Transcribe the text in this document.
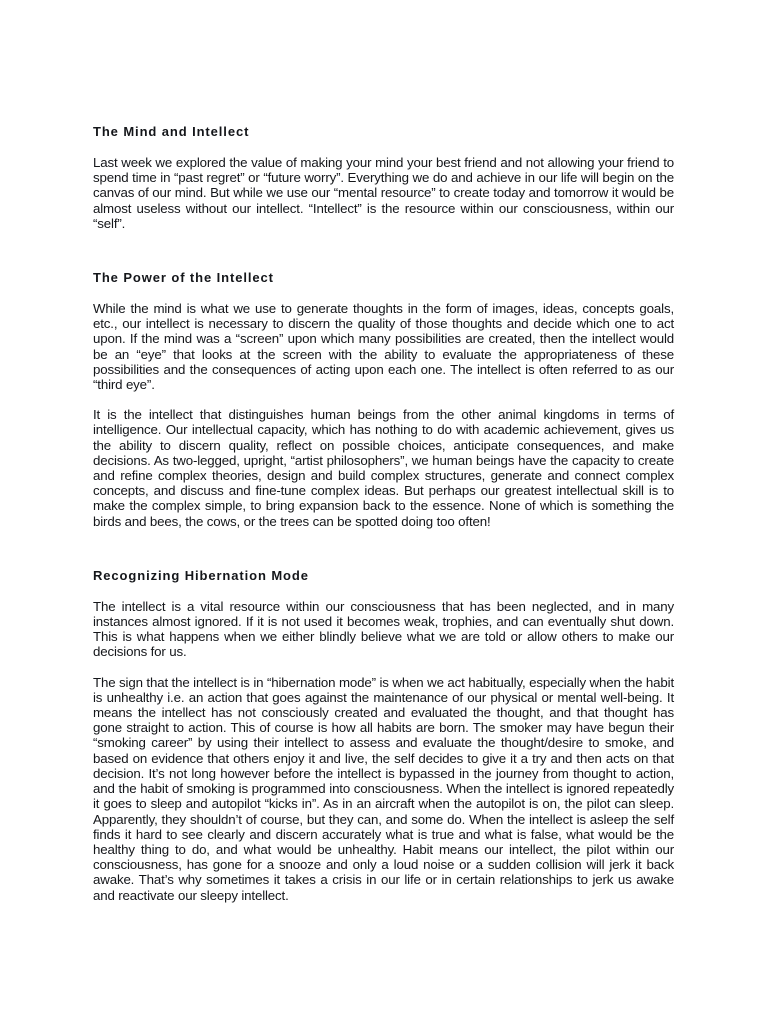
The Mind and Intellect

Last week we explored the value of making your mind your best friend and not allowing your friend to spend time in “past regret” or “future worry”. Everything we do and achieve in our life will begin on the canvas of our mind. But while we use our “mental resource” to create today and tomorrow it would be almost useless without our intellect. “Intellect” is the resource within our consciousness, within our “self”.

The Power of the Intellect

While the mind is what we use to generate thoughts in the form of images, ideas, concepts goals, etc., our intellect is necessary to discern the quality of those thoughts and decide which one to act upon. If the mind was a “screen” upon which many possibilities are created, then the intellect would be an “eye” that looks at the screen with the ability to evaluate the appropriateness of these possibilities and the consequences of acting upon each one. The intellect is often referred to as our “third eye”.

It is the intellect that distinguishes human beings from the other animal kingdoms in terms of intelligence. Our intellectual capacity, which has nothing to do with academic achievement, gives us the ability to discern quality, reflect on possible choices, anticipate consequences, and make decisions. As two-legged, upright, “artist philosophers”, we human beings have the capacity to create and refine complex theories, design and build complex structures, generate and connect complex concepts, and discuss and fine-tune complex ideas. But perhaps our greatest intellectual skill is to make the complex simple, to bring expansion back to the essence. None of which is something the birds and bees, the cows, or the trees can be spotted doing too often!

Recognizing Hibernation Mode

The intellect is a vital resource within our consciousness that has been neglected, and in many instances almost ignored. If it is not used it becomes weak, trophies, and can eventually shut down. This is what happens when we either blindly believe what we are told or allow others to make our decisions for us.

The sign that the intellect is in “hibernation mode” is when we act habitually, especially when the habit is unhealthy i.e. an action that goes against the maintenance of our physical or mental well-being. It means the intellect has not consciously created and evaluated the thought, and that thought has gone straight to action. This of course is how all habits are born. The smoker may have begun their “smoking career” by using their intellect to assess and evaluate the thought/desire to smoke, and based on evidence that others enjoy it and live, the self decides to give it a try and then acts on that decision. It’s not long however before the intellect is bypassed in the journey from thought to action, and the habit of smoking is programmed into consciousness. When the intellect is ignored repeatedly it goes to sleep and autopilot “kicks in”. As in an aircraft when the autopilot is on, the pilot can sleep. Apparently, they shouldn’t of course, but they can, and some do. When the intellect is asleep the self finds it hard to see clearly and discern accurately what is true and what is false, what would be the healthy thing to do, and what would be unhealthy. Habit means our intellect, the pilot within our consciousness, has gone for a snooze and only a loud noise or a sudden collision will jerk it back awake. That’s why sometimes it takes a crisis in our life or in certain relationships to jerk us awake and reactivate our sleepy intellect.
